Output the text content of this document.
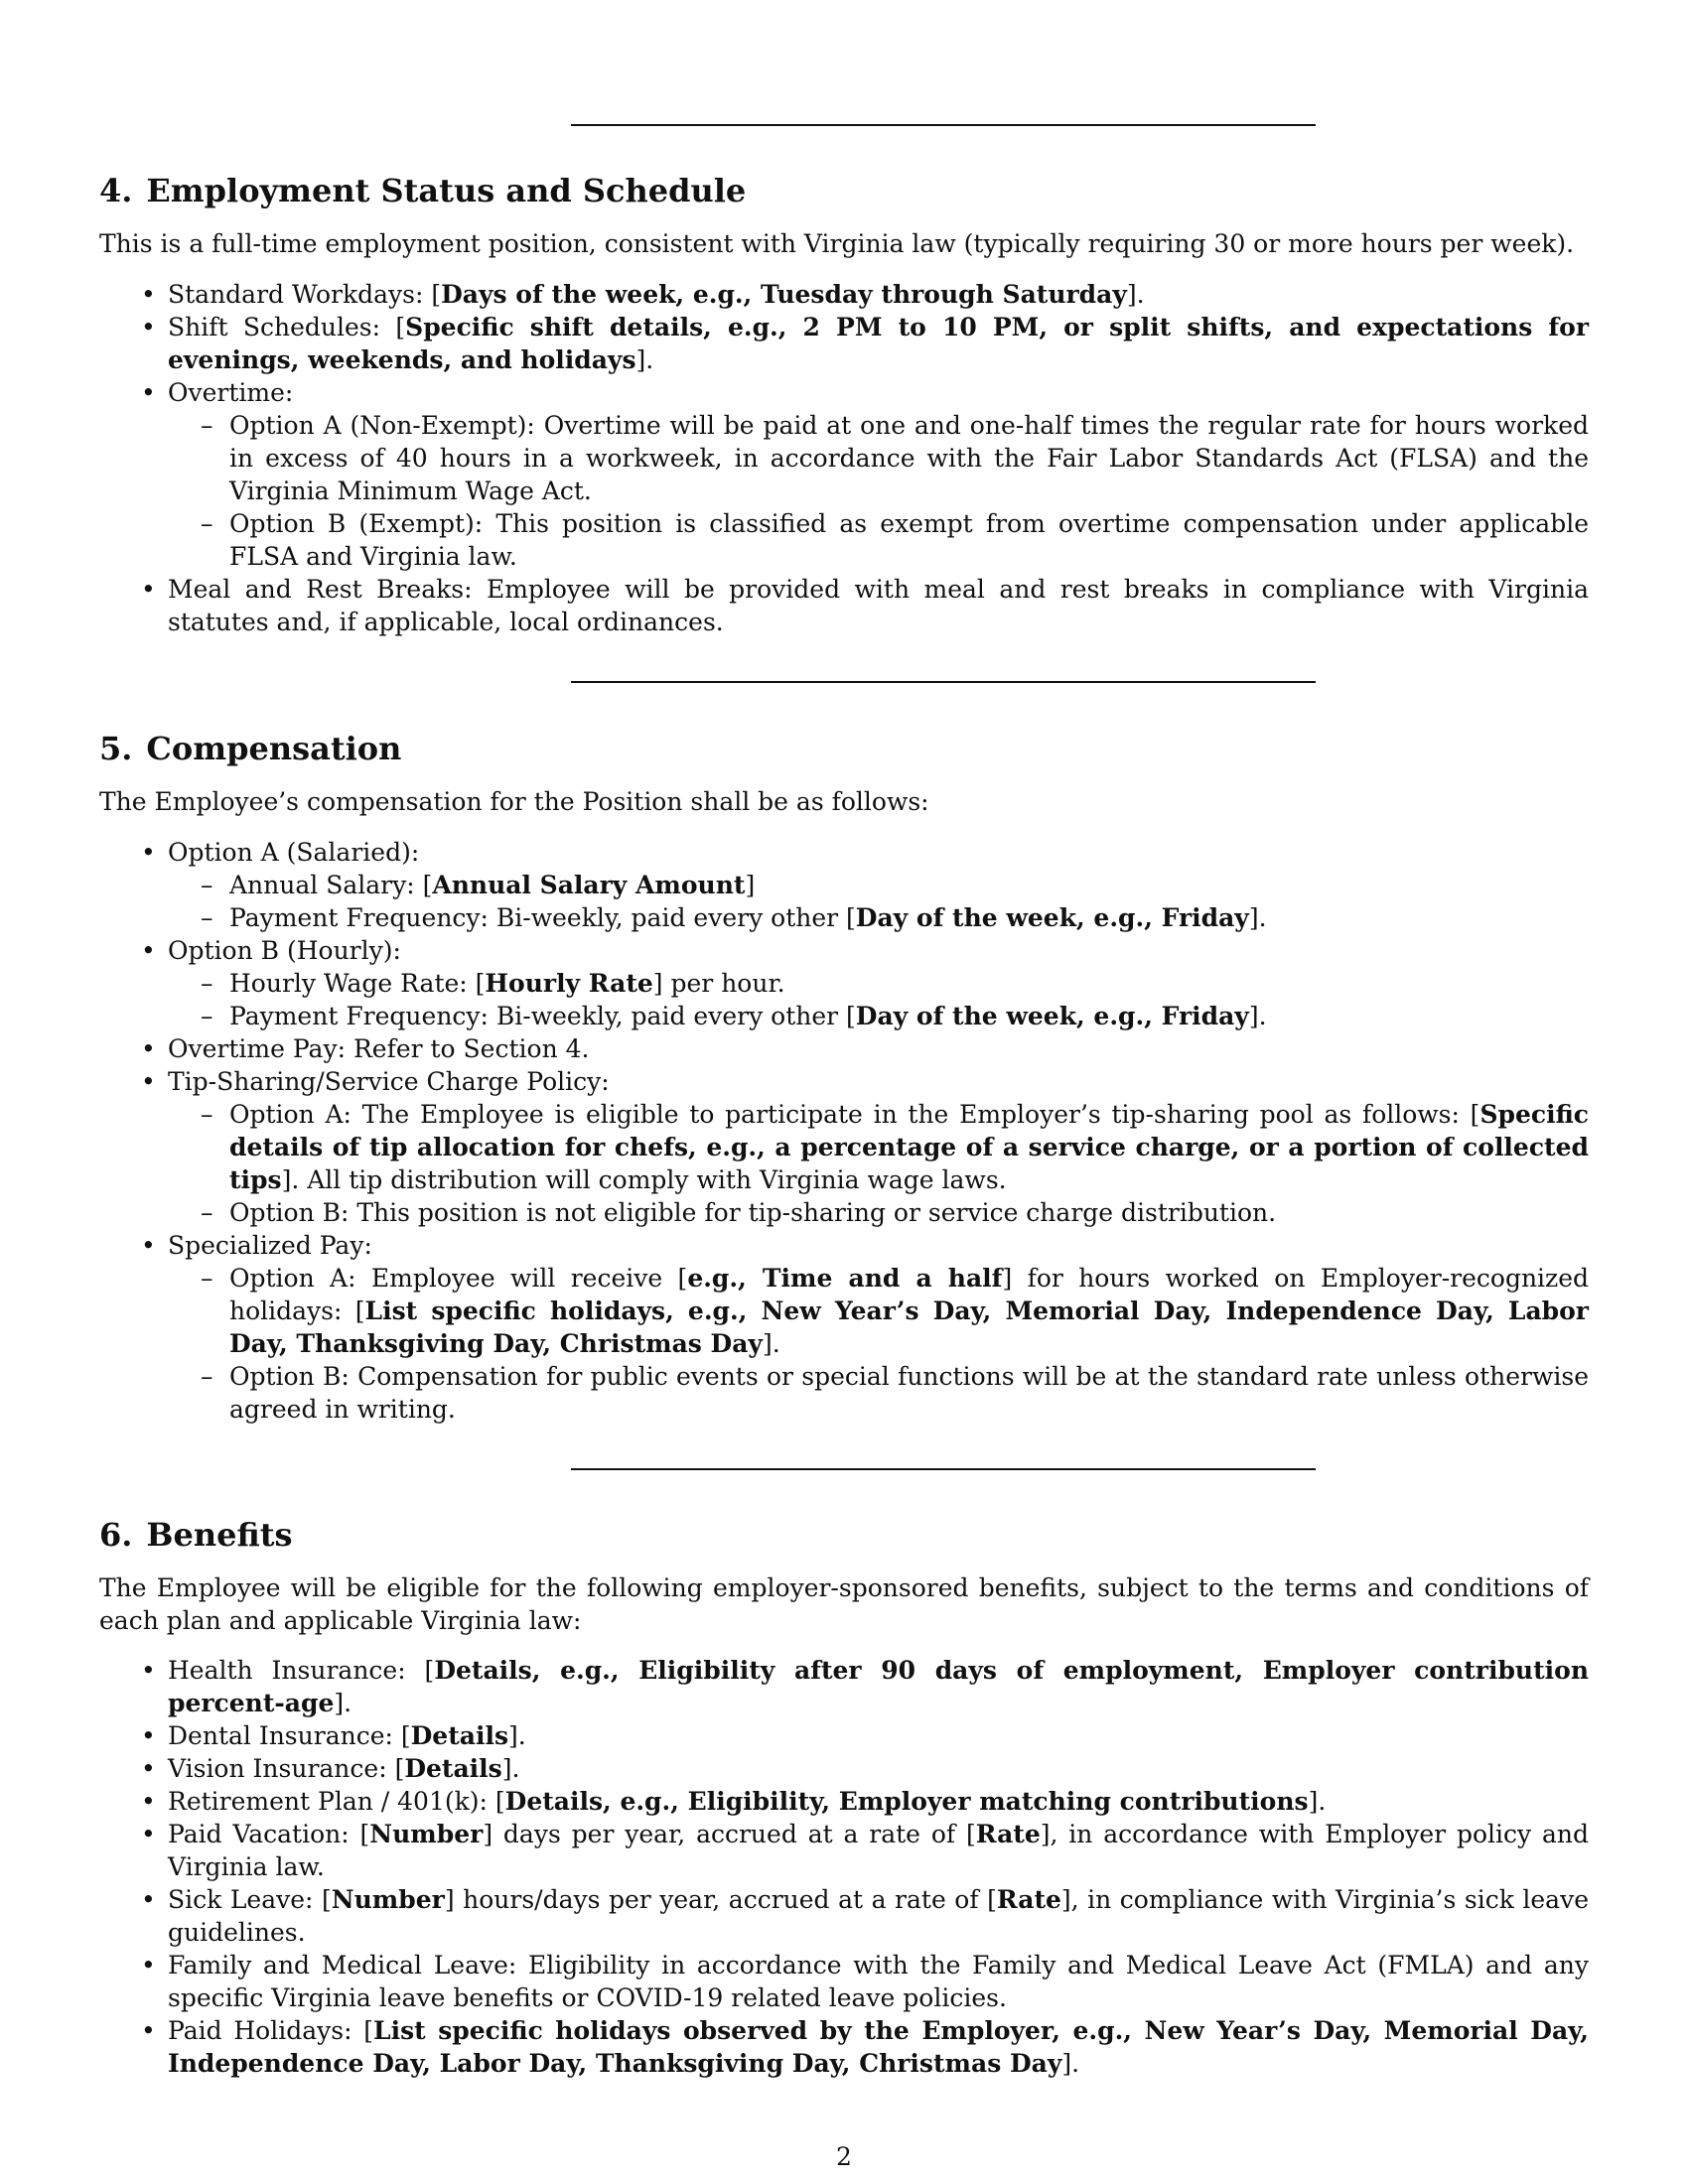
4. Employment Status and Schedule

This is a full-time employment position, consistent with Virginia law (typically requiring 30 or more hours per week).

• Standard Workdays: [Days of the week, e.g., Tuesday through Saturday].
• Shift Schedules: [Specific shift details, e.g., 2 PM to 10 PM, or split shifts, and expectations for evenings, weekends, and holidays].
• Overtime:
– Option A (Non-Exempt): Overtime will be paid at one and one-half times the regular rate for hours worked in excess of 40 hours in a workweek, in accordance with the Fair Labor Standards Act (FLSA) and the Virginia Minimum Wage Act.
– Option B (Exempt): This position is classified as exempt from overtime compensation under applicable FLSA and Virginia law.
• Meal and Rest Breaks: Employee will be provided with meal and rest breaks in compliance with Virginia statutes and, if applicable, local ordinances.
5. Compensation

The Employee’s compensation for the Position shall be as follows:

• Option A (Salaried):
– Annual Salary: [Annual Salary Amount]
– Payment Frequency: Bi-weekly, paid every other [Day of the week, e.g., Friday].
• Option B (Hourly):
– Hourly Wage Rate: [Hourly Rate] per hour.
– Payment Frequency: Bi-weekly, paid every other [Day of the week, e.g., Friday].
• Overtime Pay: Refer to Section 4.
• Tip-Sharing/Service Charge Policy:
– Option A: The Employee is eligible to participate in the Employer’s tip-sharing pool as follows: [Specific details of tip allocation for chefs, e.g., a percentage of a service charge, or a portion of collected tips]. All tip distribution will comply with Virginia wage laws.
– Option B: This position is not eligible for tip-sharing or service charge distribution.
• Specialized Pay:
– Option A: Employee will receive [e.g., Time and a half] for hours worked on Employer-recognized holidays: [List specific holidays, e.g., New Year’s Day, Memorial Day, Independence Day, Labor Day, Thanksgiving Day, Christmas Day].
– Option B: Compensation for public events or special functions will be at the standard rate unless otherwise agreed in writing.
6. Benefits

The Employee will be eligible for the following employer-sponsored benefits, subject to the terms and conditions of each plan and applicable Virginia law:

• Health Insurance: [Details, e.g., Eligibility after 90 days of employment, Employer contribution percent-age].
• Dental Insurance: [Details].
• Vision Insurance: [Details].
• Retirement Plan / 401(k): [Details, e.g., Eligibility, Employer matching contributions].
• Paid Vacation: [Number] days per year, accrued at a rate of [Rate], in accordance with Employer policy and Virginia law.
• Sick Leave: [Number] hours/days per year, accrued at a rate of [Rate], in compliance with Virginia’s sick leave guidelines.
• Family and Medical Leave: Eligibility in accordance with the Family and Medical Leave Act (FMLA) and any specific Virginia leave benefits or COVID-19 related leave policies.
• Paid Holidays: [List specific holidays observed by the Employer, e.g., New Year’s Day, Memorial Day, Independence Day, Labor Day, Thanksgiving Day, Christmas Day].
2
